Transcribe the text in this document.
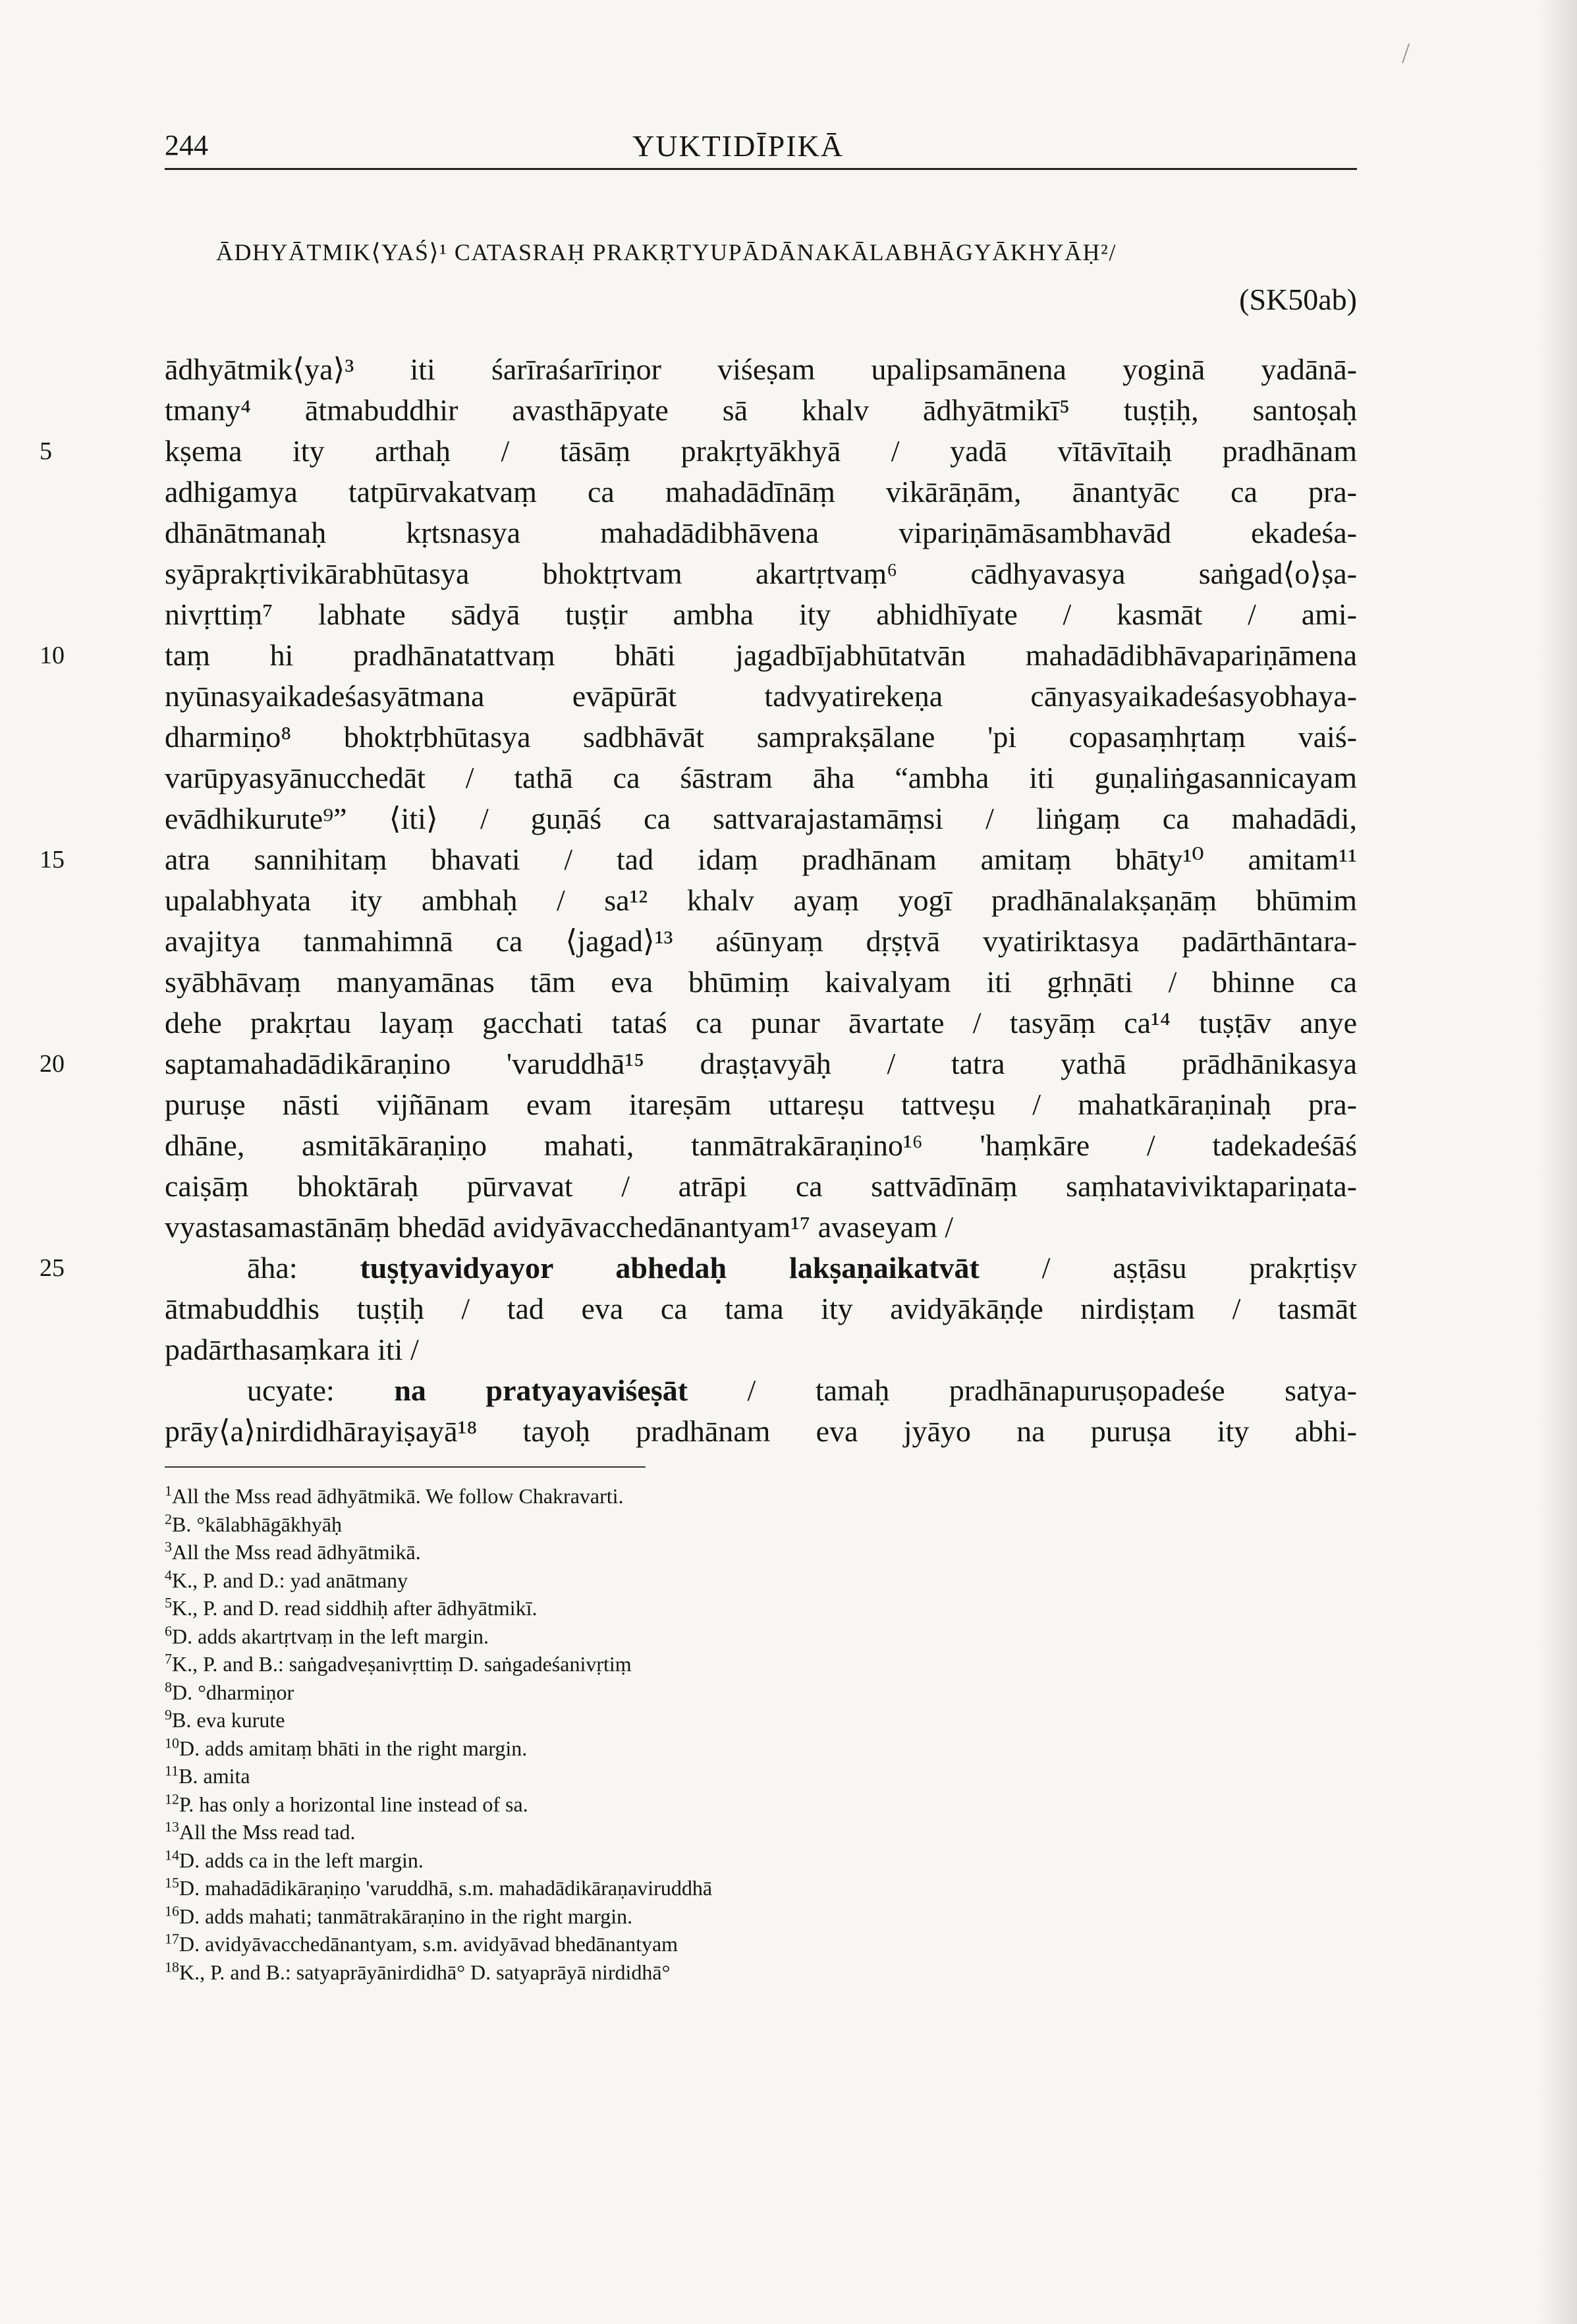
/
244	YUKTIDĪPIKĀ
ĀDHYĀTMIK⟨YAŚ⟩¹ CATASRAḤ PRAKṚTYUPĀDĀNAKĀLABHĀGYĀKHYĀḤ²/
(SK50ab)
ādhyātmik⟨ya⟩³ iti śarīraśarīriṇor viśeṣam upalipsamānena yoginā yadānā-
tmany⁴ ātmabuddhir avasthāpyate sā khalv ādhyātmikī⁵ tuṣṭiḥ, santoṣaḥ
5	kṣema ity arthaḥ / tāsāṃ prakṛtyākhyā / yadā vītāvītaiḥ pradhānam
adhigamya tatpūrvakatvaṃ ca mahadādīnāṃ vikārāṇām, ānantyāc ca pra-
dhānātmanaḥ kṛtsnasya mahadādibhāvena vipariṇāmāsambhavād ekadeśa-
syāprakṛtivikārabhūtasya bhoktṛtvam akartṛtvaṃ⁶ cādhyavasya saṅgad⟨o⟩ṣa-
nivṛttiṃ⁷ labhate sādyā tuṣṭir ambha ity abhidhīyate / kasmāt / ami-
10	taṃ hi pradhānatattvaṃ bhāti jagadbījabhūtatvān mahadādibhāvapariṇāmena
nyūnasyaikadeśasyātmana evāpūrāt tadvyatirekeṇa cānyasyaikadeśasyobhaya-
dharmiṇo⁸ bhoktṛbhūtasya sadbhāvāt samprakṣālane 'pi copasaṃhṛtaṃ vaiś-
varūpyasyānucchedāt / tathā ca śāstram āha “ambha iti guṇaliṅgasannicayam
evādhikurute⁹” ⟨iti⟩ / guṇāś ca sattvarajastamāṃsi / liṅgaṃ ca mahadādi,
15	atra sannihitaṃ bhavati / tad idaṃ pradhānam amitaṃ bhāty¹⁰ amitam¹¹
upalabhyata ity ambhaḥ / sa¹² khalv ayaṃ yogī pradhānalakṣaṇāṃ bhūmim
avajitya tanmahimnā ca ⟨jagad⟩¹³ aśūnyaṃ dṛṣṭvā vyatiriktasya padārthāntara-
syābhāvaṃ manyamānas tām eva bhūmiṃ kaivalyam iti gṛhṇāti / bhinne ca
dehe prakṛtau layaṃ gacchati tataś ca punar āvartate / tasyāṃ ca¹⁴ tuṣṭāv anye
20	saptamahadādikāraṇino 'varuddhā¹⁵ draṣṭavyāḥ / tatra yathā prādhānikasya
puruṣe nāsti vijñānam evam itareṣām uttareṣu tattveṣu / mahatkāraṇinaḥ pra-
dhāne, asmitākāraṇiṇo mahati, tanmātrakāraṇino¹⁶ 'haṃkāre / tadekadeśāś
caiṣāṃ bhoktāraḥ pūrvavat / atrāpi ca sattvādīnāṃ saṃhataviviktapariṇata-
vyastasamastānāṃ bhedād avidyāvacchedānantyam¹⁷ avaseyam /
25	āha: tuṣṭyavidyayor abhedaḥ lakṣaṇaikatvāt / aṣṭāsu prakṛtiṣv
ātmabuddhis tuṣṭiḥ / tad eva ca tama ity avidyākāṇḍe nirdiṣṭam / tasmāt
padārthasaṃkara iti /
ucyate: na pratyayaviśeṣāt / tamaḥ pradhānapuruṣopadeśe satya-
prāy⟨a⟩nirdidhārayiṣayā¹⁸ tayoḥ pradhānam eva jyāyo na puruṣa ity abhi-
$^1$All the Mss read ādhyātmikā. We follow Chakravarti.
$^2$B. °kālabhāgākhyāḥ
$^3$All the Mss read ādhyātmikā.
$^4$K., P. and D.: yad anātmany
$^5$K., P. and D. read siddhiḥ after ādhyātmikī.
$^6$D. adds akartṛtvaṃ in the left margin.
$^7$K., P. and B.: saṅgadveṣanivṛttiṃ D. saṅgadeśanivṛtiṃ
$^8$D. °dharmiṇor
$^9$B. eva kurute
$^{10}$D. adds amitaṃ bhāti in the right margin.
$^{11}$B. amita
$^{12}$P. has only a horizontal line instead of sa.
$^{13}$All the Mss read tad.
$^{14}$D. adds ca in the left margin.
$^{15}$D. mahadādikāraṇiṇo 'varuddhā, s.m. mahadādikāraṇaviruddhā
$^{16}$D. adds mahati; tanmātrakāraṇino in the right margin.
$^{17}$D. avidyāvacchedānantyam, s.m. avidyāvad bhedānantyam
$^{18}$K., P. and B.: satyaprāyānirdidhā° D. satyaprāyā nirdidhā°
